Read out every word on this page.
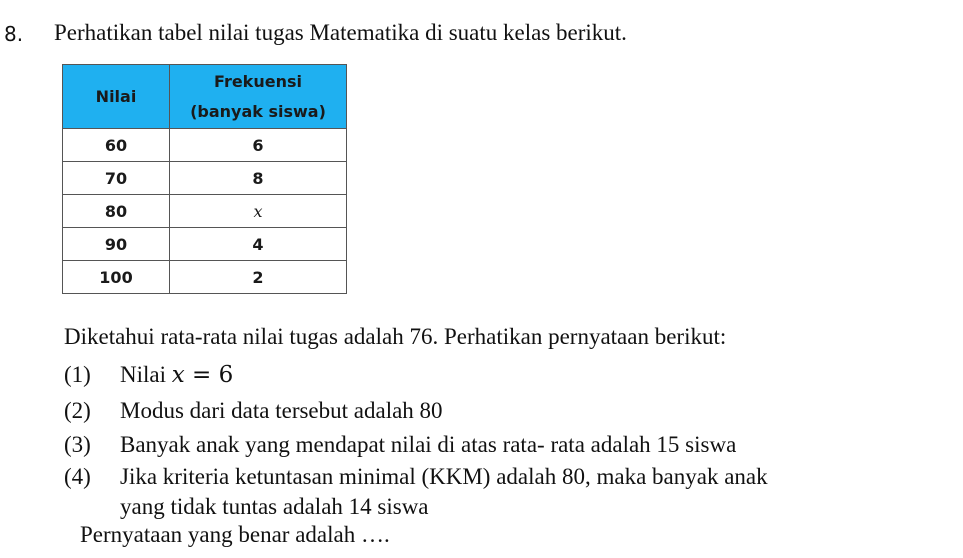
8. Perhatikan tabel nilai tugas Matematika di suatu kelas berikut.
Nilai	Frekuensi
(banyak siswa)

60	6
70	8
80	x
90	4
100	2
Diketahui rata-rata nilai tugas adalah 76. Perhatikan pernyataan berikut:
(1) Nilai x = 6
(2) Modus dari data tersebut adalah 80
(3) Banyak anak yang mendapat nilai di atas rata- rata adalah 15 siswa
(4) Jika kriteria ketuntasan minimal (KKM) adalah 80, maka banyak anak
yang tidak tuntas adalah 14 siswa
Pernyataan yang benar adalah ….
